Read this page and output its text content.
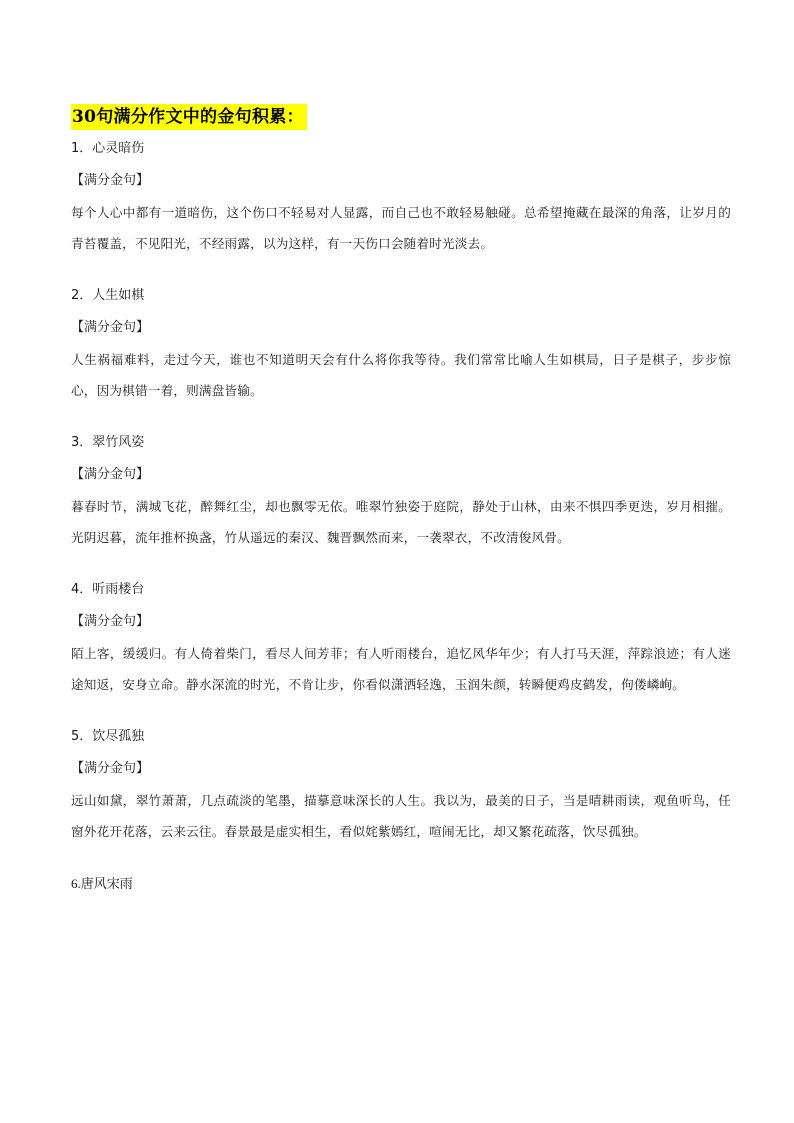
30句满分作文中的金句积累：
1．心灵暗伤
【满分金句】
每个人心中都有一道暗伤，这个伤口不轻易对人显露，而自己也不敢轻易触碰。总希望掩藏在最深的角落，让岁月的青苔覆盖，不见阳光，不经雨露，以为这样，有一天伤口会随着时光淡去。
2．人生如棋
【满分金句】
人生祸福难料，走过今天，谁也不知道明天会有什么将你我等待。我们常常比喻人生如棋局，日子是棋子，步步惊心，因为棋错一着，则满盘皆输。
3．翠竹风姿
【满分金句】
暮春时节，满城飞花，醉舞红尘，却也飘零无依。唯翠竹独姿于庭院，静处于山林，由来不惧四季更迭，岁月相摧。光阴迟暮，流年推杯换盏，竹从遥远的秦汉、魏晋飘然而来，一袭翠衣，不改清俊风骨。
4．听雨楼台
【满分金句】
陌上客，缓缓归。有人倚着柴门，看尽人间芳菲；有人听雨楼台，追忆风华年少；有人打马天涯，萍踪浪迹；有人迷途知返，安身立命。静水深流的时光，不肯让步，你看似潇洒轻逸，玉润朱颜，转瞬便鸡皮鹤发，佝偻嶙峋。
5．饮尽孤独
【满分金句】
远山如黛，翠竹萧萧，几点疏淡的笔墨，描摹意味深长的人生。我以为，最美的日子，当是晴耕雨读，观鱼听鸟，任窗外花开花落，云来云往。春景最是虚实相生，看似姹紫嫣红，喧闹无比，却又繁花疏落，饮尽孤独。
6.唐风宋雨
